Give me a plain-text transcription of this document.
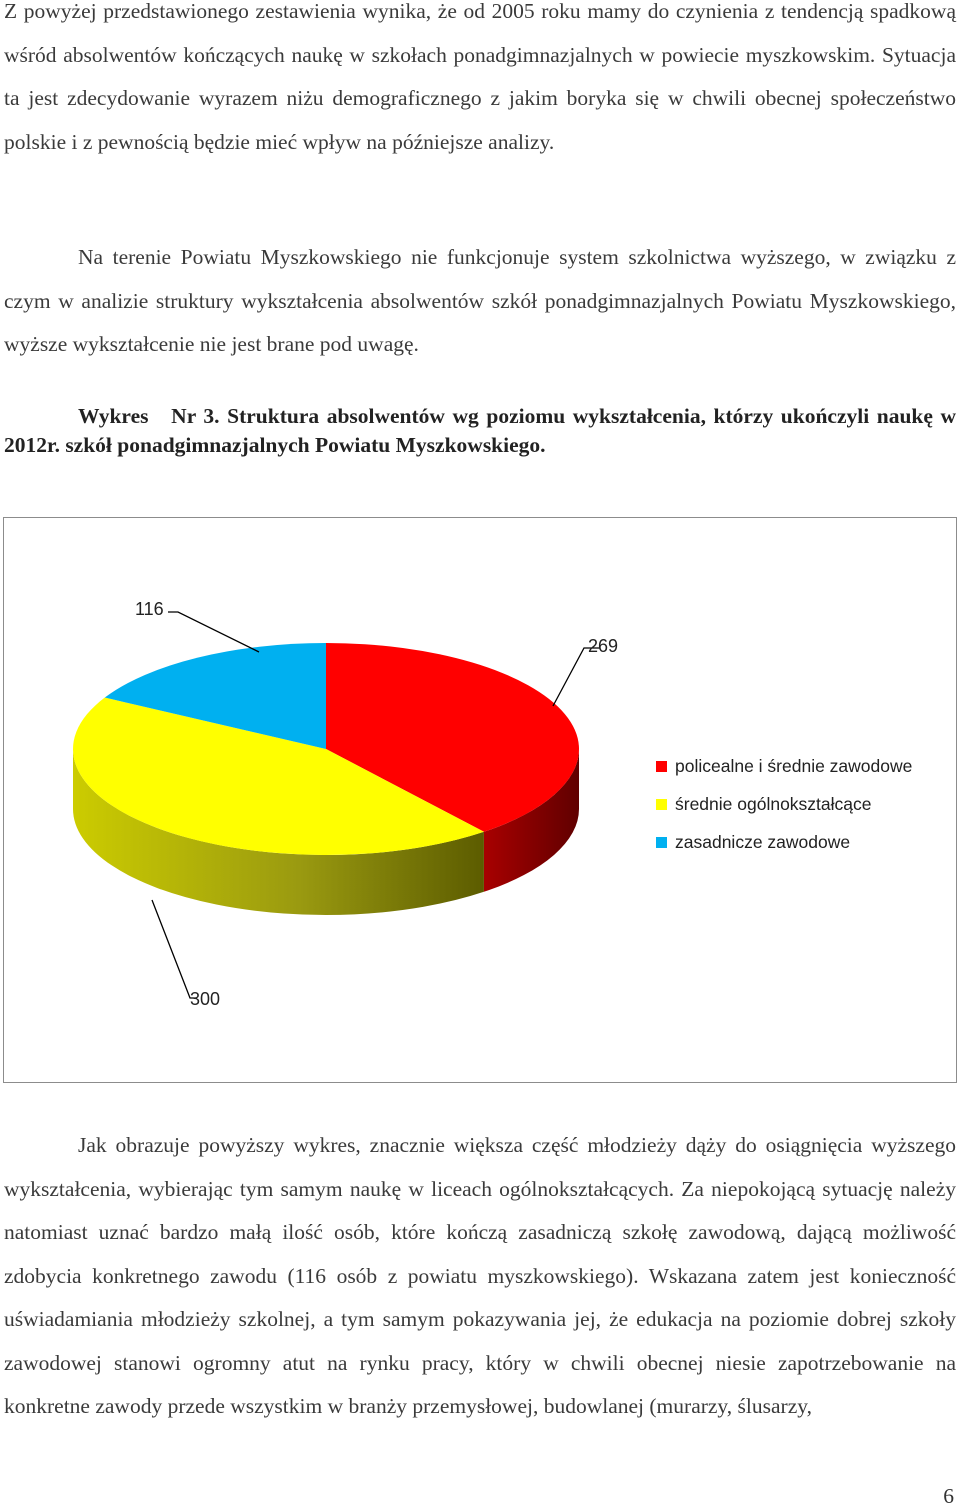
Z powyżej przedstawionego zestawienia wynika, że od 2005 roku mamy do czynienia z tendencją spadkową wśród absolwentów kończących naukę w szkołach ponadgimnazjalnych w powiecie myszkowskim. Sytuacja ta jest zdecydowanie wyrazem niżu demograficznego z jakim boryka się w chwili obecnej społeczeństwo polskie i z pewnością będzie mieć wpływ na późniejsze analizy.

Na terenie Powiatu Myszkowskiego nie funkcjonuje system szkolnictwa wyższego, w związku z czym w analizie struktury wykształcenia absolwentów szkół ponadgimnazjalnych Powiatu Myszkowskiego, wyższe wykształcenie nie jest brane pod uwagę.

Wykres   Nr 3. Struktura absolwentów wg poziomu wykształcenia, którzy ukończyli naukę w 2012r. szkół ponadgimnazjalnych Powiatu Myszkowskiego.

269
300
116
policealne i średnie zawodowe
średnie ogólnokształcące
zasadnicze zawodowe

Jak obrazuje powyższy wykres, znacznie większa część młodzieży dąży do osiągnięcia wyższego wykształcenia, wybierając tym samym naukę w liceach ogólnokształcących. Za niepokojącą sytuację należy natomiast uznać bardzo małą ilość osób, które kończą zasadniczą szkołę zawodową, dającą możliwość zdobycia konkretnego zawodu (116 osób z powiatu myszkowskiego). Wskazana zatem jest konieczność uświadamiania młodzieży szkolnej, a tym samym pokazywania jej, że edukacja na poziomie dobrej szkoły zawodowej stanowi ogromny atut na rynku pracy, który w chwili obecnej niesie zapotrzebowanie na konkretne zawody przede wszystkim w branży przemysłowej, budowlanej (murarzy, ślusarzy,

6
